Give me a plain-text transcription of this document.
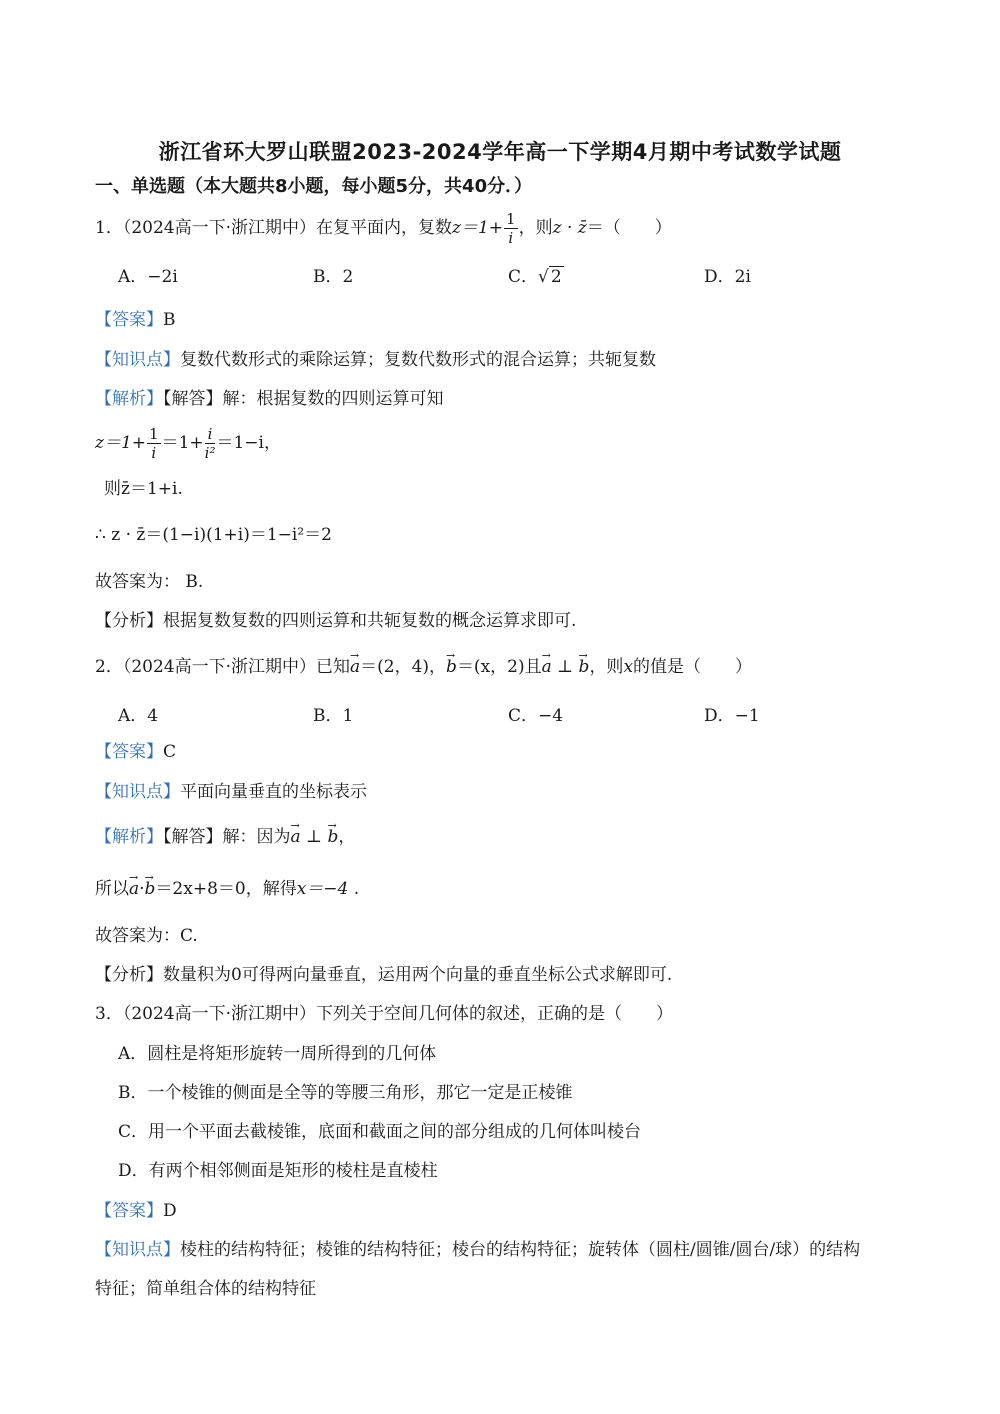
浙江省环大罗山联盟2023-2024学年高一下学期4月期中考试数学试题
一、单选题（本大题共8小题，每小题5分，共40分．）
1．（2024高一下·浙江期中）在复平面内，复数$z=1+ \frac{1}{i}$ ，则z · z̄＝（　　）
A．−2i	B．2	C．√ 2	D．2i
【答案】B
【知识点】复数代数形式的乘除运算；复数代数形式的混合运算；共轭复数
【解析】【解答】解：根据复数的四则运算可知
$z=1+ \frac{1}{i} =1+ \frac{i}{\text{i²}} =1-i$，
则z̄＝1+i.
∴ z · z̄＝(1−i)(1+i)＝1−i²＝2
故答案为： B.
【分析】根据复数复数的四则运算和共轭复数的概念运算求即可.
2．（2024高一下·浙江期中）已知→ a＝(2，4)，→ b＝(x，2)且→ a ⊥ → b，则x的值是（　　）
A．4	B．1	C．−4	D．−1
【答案】C
【知识点】平面向量垂直的坐标表示
【解析】【解答】解：因为→ a ⊥ → b，
所以→ a·→ b＝2x+8＝0，解得x＝−4 .
故答案为：C.
【分析】数量积为0可得两向量垂直，运用两个向量的垂直坐标公式求解即可.
3．（2024高一下·浙江期中）下列关于空间几何体的叙述，正确的是（　　）
A．圆柱是将矩形旋转一周所得到的几何体
B．一个棱锥的侧面是全等的等腰三角形，那它一定是正棱锥
C．用一个平面去截棱锥，底面和截面之间的部分组成的几何体叫棱台
D．有两个相邻侧面是矩形的棱柱是直棱柱
【答案】D
【知识点】棱柱的结构特征；棱锥的结构特征；棱台的结构特征；旋转体（圆柱/圆锥/圆台/球）的结构
特征；简单组合体的结构特征
